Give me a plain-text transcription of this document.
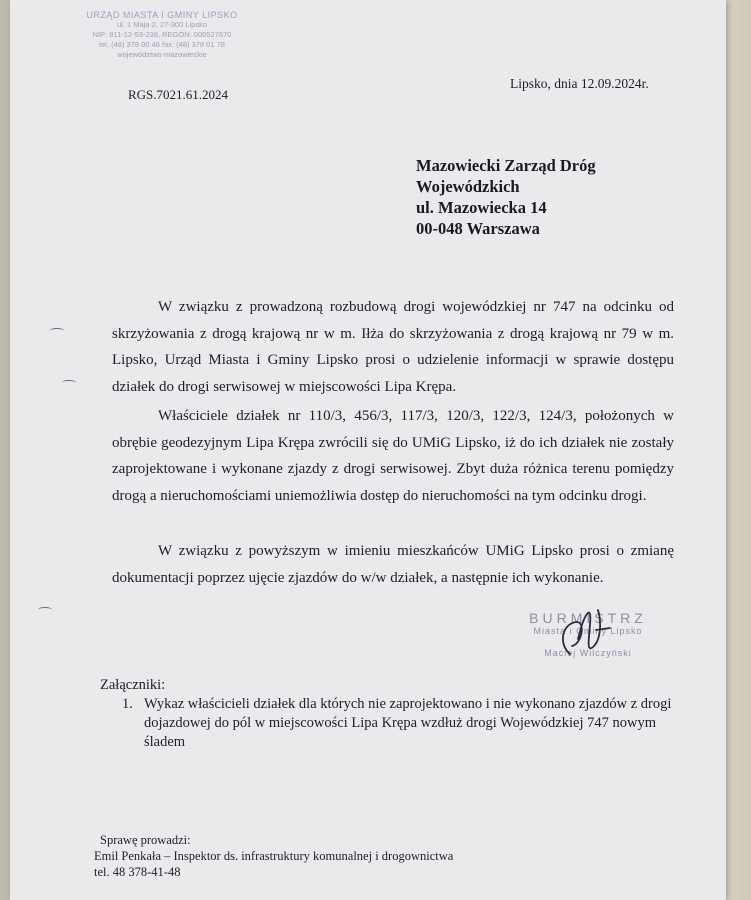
URZĄD MIASTA I GMINY LIPSKO
ul. 1 Maja 2, 27-300 Lipsko
NIP: 811-12-53-238, REGON: 000527670
tel. (48) 378 00 48 fax: (48) 378 01 78
województwo mazowieckie
Lipsko, dnia 12.09.2024r.
RGS.7021.61.2024
Mazowiecki Zarząd Dróg
Wojewódzkich
ul. Mazowiecka 14
00-048 Warszawa
W związku z prowadzoną rozbudową drogi wojewódzkiej nr 747 na odcinku od skrzyżowania z drogą krajową nr w m. Iłża do skrzyżowania z drogą krajową nr 79 w m. Lipsko, Urząd Miasta i Gminy Lipsko prosi o udzielenie informacji w sprawie dostępu działek do drogi serwisowej w miejscowości Lipa Krępa.
Właściciele działek nr 110/3, 456/3, 117/3, 120/3, 122/3, 124/3, położonych w obrębie geodezyjnym Lipa Krępa zwrócili się do UMiG Lipsko, iż do ich działek nie zostały zaprojektowane i wykonane zjazdy z drogi serwisowej. Zbyt duża różnica terenu pomiędzy drogą a nieruchomościami uniemożliwia dostęp do nieruchomości na tym odcinku drogi.
W związku z powyższym w imieniu mieszkańców UMiG Lipsko prosi o zmianę dokumentacji poprzez ujęcie zjazdów do w/w działek, a następnie ich wykonanie.
BURMISTRZ
Miasta i Gminy Lipsko
Maciej Wilczyński
Załączniki:
1. Wykaz właścicieli działek dla których nie zaprojektowano i nie wykonano zjazdów z drogi dojazdowej do pól w miejscowości Lipa Krępa wzdłuż drogi Wojewódzkiej 747 nowym śladem
Sprawę prowadzi:
Emil Penkała – Inspektor ds. infrastruktury komunalnej i drogownictwa
tel. 48 378-41-48
